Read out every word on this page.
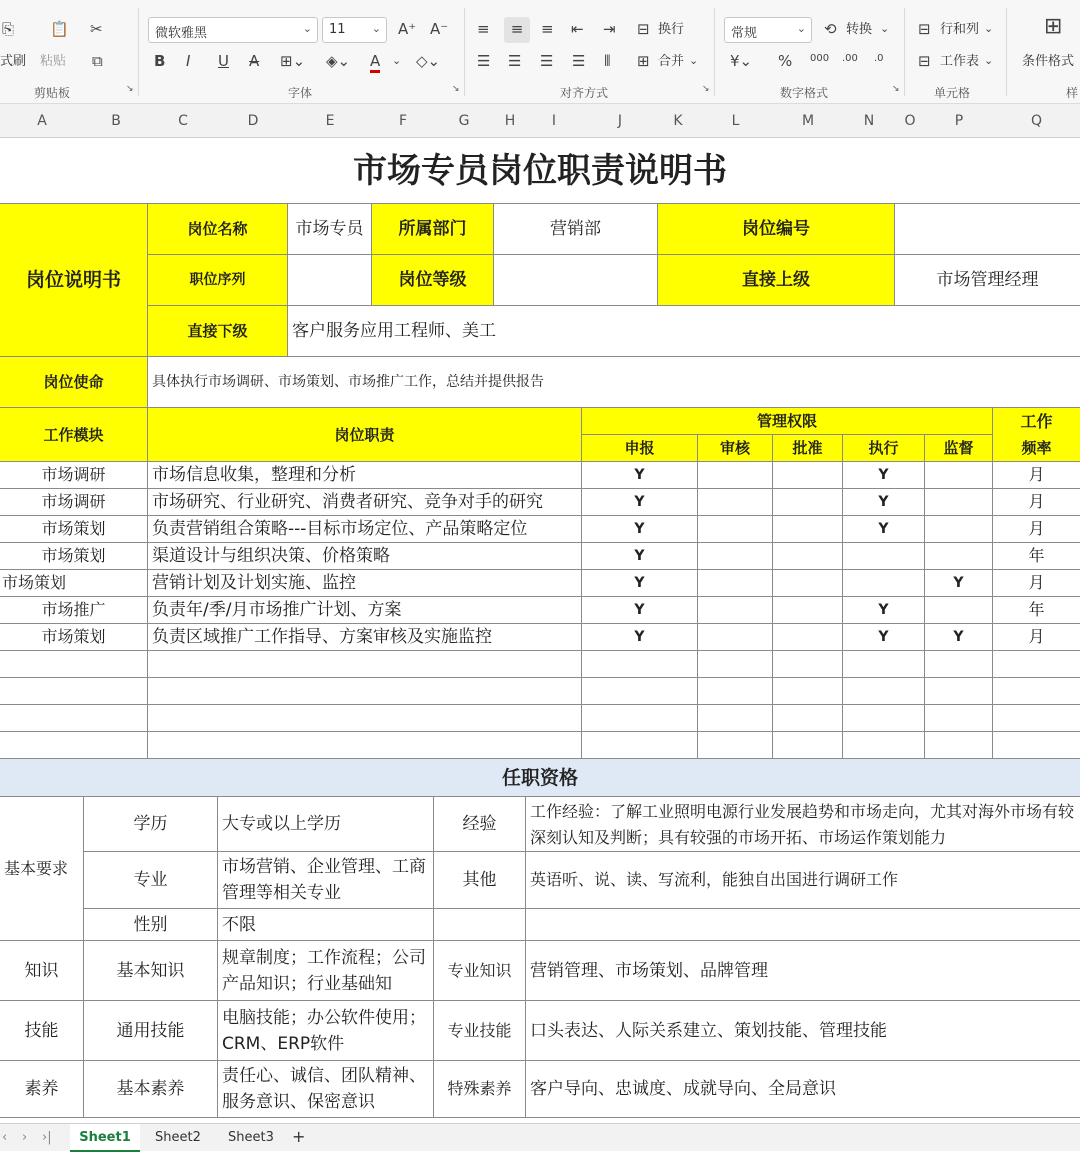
⎘
式刷
📋
粘贴
✂
⧉
剪贴板	↘
微软雅黑	⌄	11 ⌄ A⁺ A⁻
B I U A ⊞⌄ ◈⌄ A ⌄ ◇⌄
字体	↘
≡	≡	≡ ⇤ ⇥ ⊟ 换行
☰ ☰ ☰ ☰ ⦀ ⊞ 合并 ⌄
对齐方式	↘
常规	⌄ ⟲ 转换 ⌄
¥⌄ % 000 .00 .0
数字格式	↘
⊟ 行和列 ⌄
⊟ 工作表 ⌄
单元格
⊞
条件格式
样
A	B	C	D	E	F	G	H	I	J	K	L	M	N	O	P	Q
市场专员岗位职责说明书
岗位说明书
岗位名称	市场专员	所属部门	营销部	岗位编号
职位序列	岗位等级	直接上级	市场管理经理
直接下级	客户服务应用工程师、美工
岗位使命	具体执行市场调研、市场策划、市场推广工作，总结并提供报告
工作模块	岗位职责
管理权限	工作
申报	审核	批准	执行	监督	频率
市场调研	市场信息收集，整理和分析	Y	Y	月
市场调研	市场研究、行业研究、消费者研究、竞争对手的研究	Y	Y	月
市场策划	负责营销组合策略---目标市场定位、产品策略定位	Y	Y	月
市场策划	渠道设计与组织决策、价格策略	Y	年
市场策划	营销计划及计划实施、监控	Y	Y	月
市场推广	负责年/季/月市场推广计划、方案	Y	Y	年
市场策划	负责区域推广工作指导、方案审核及实施监控	Y	Y	Y	月
任职资格
基本要求
学历	大专或以上学历	经验
工作经验：了解工业照明电源行业发展趋势和市场走向，尤其对海外市场有较深刻认知及判断；具有较强的市场开拓、市场运作策划能力
专业
市场营销、企业管理、工商管理等相关专业
其他	英语听、说、读、写流利，能独自出国进行调研工作
性别	不限
知识	基本知识
规章制度；工作流程；公司产品知识；行业基础知
专业知识	营销管理、市场策划、品牌管理
技能	通用技能
电脑技能；办公软件使用；CRM、ERP软件
专业技能	口头表达、人际关系建立、策划技能、管理技能
素养	基本素养
责任心、诚信、团队精神、服务意识、保密意识
特殊素养	客户导向、忠诚度、成就导向、全局意识
‹ › ›|	Sheet1	Sheet2 Sheet3 +
